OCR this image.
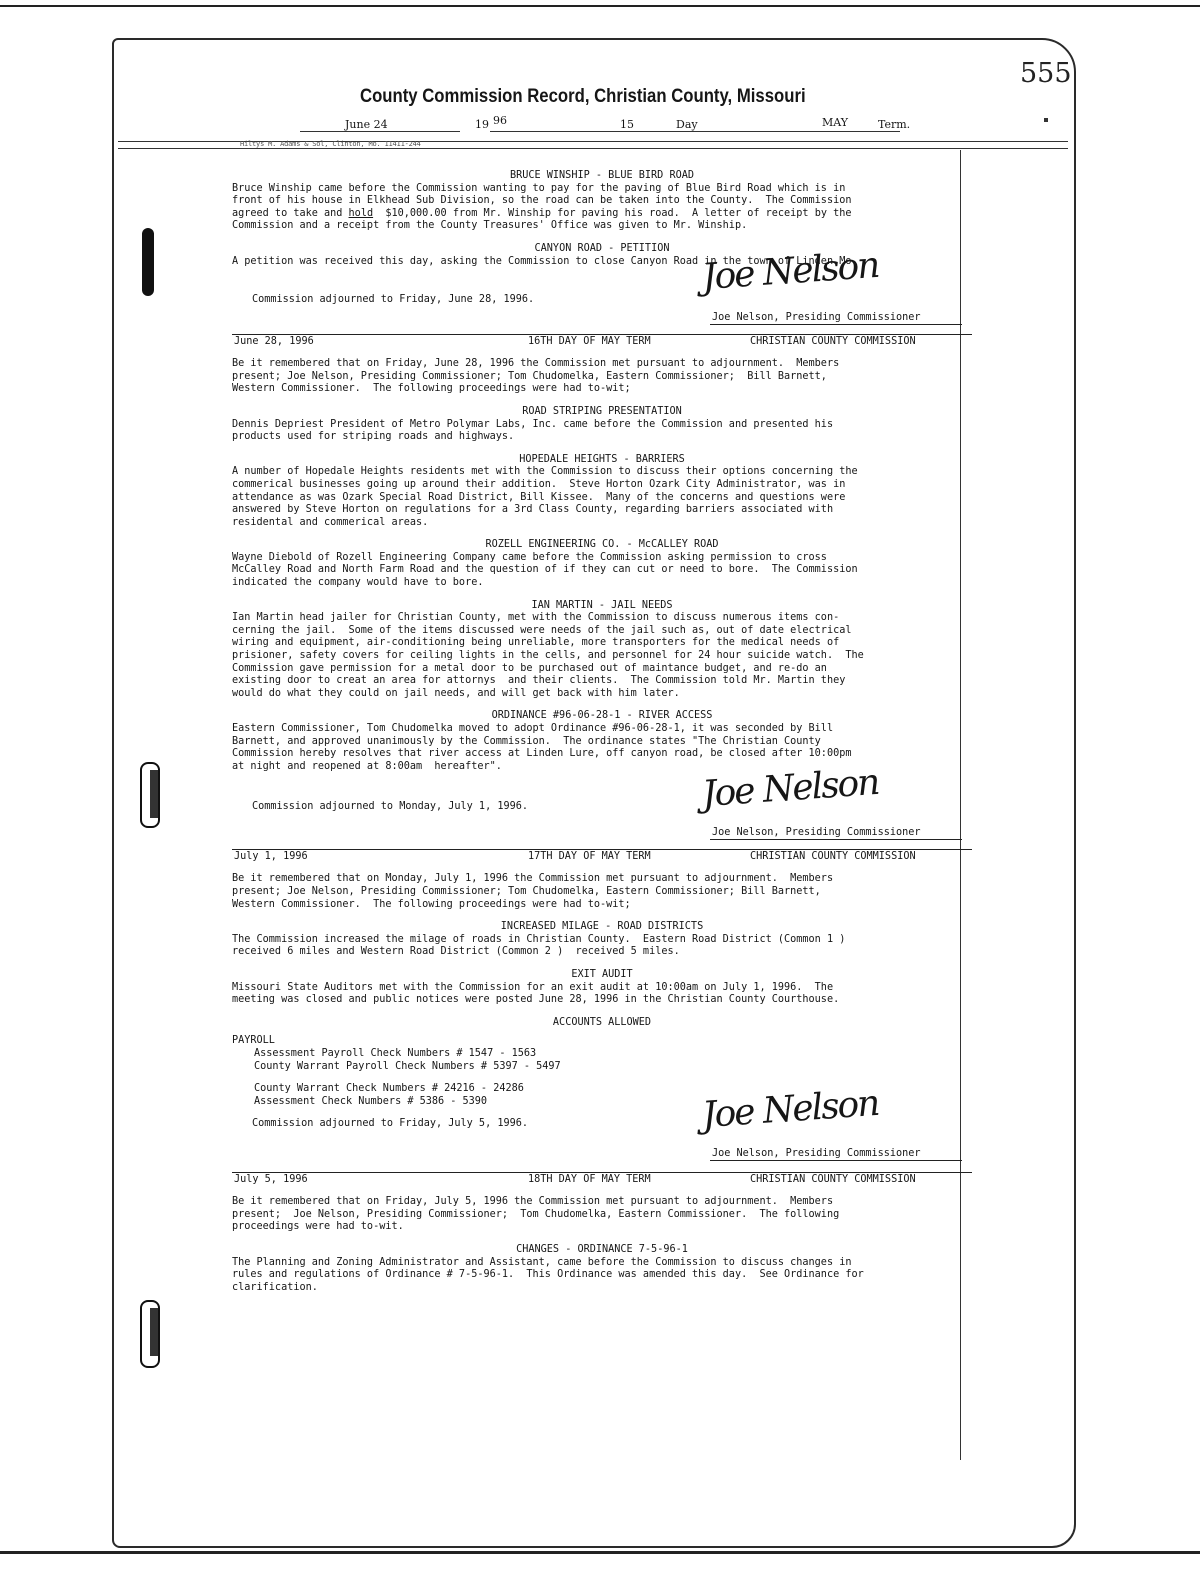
555
County Commission Record, Christian County, Missouri
June 24	19 96	15	Day	MAY	Term.
Hiltys M. Adams & Sol, Clinton, Mo. 11411-244

BRUCE WINSHIP - BLUE BIRD ROAD

Bruce Winship came before the Commission wanting to pay for the paving of Blue Bird Road which is in
front of his house in Elkhead Sub Division, so the road can be taken into the County.  The Commission
agreed to take and hold  $10,000.00 from Mr. Winship for paving his road.  A letter of receipt by the
Commission and a receipt from the County Treasures' Office was given to Mr. Winship.

CANYON ROAD - PETITION

A petition was received this day, asking the Commission to close Canyon Road in the town of Linden,Mo

Commission adjourned to Friday, June 28, 1996.
Joe Nelson
Joe Nelson, Presiding Commissioner
June 28, 1996	16TH DAY OF MAY TERM	CHRISTIAN COUNTY COMMISSION

Be it remembered that on Friday, June 28, 1996 the Commission met pursuant to adjournment.  Members
present; Joe Nelson, Presiding Commissioner; Tom Chudomelka, Eastern Commissioner;  Bill Barnett,
Western Commissioner.  The following proceedings were had to-wit;

ROAD STRIPING PRESENTATION

Dennis Depriest President of Metro Polymar Labs, Inc. came before the Commission and presented his
products used for striping roads and highways.

HOPEDALE HEIGHTS - BARRIERS

A number of Hopedale Heights residents met with the Commission to discuss their options concerning the
commerical businesses going up around their addition.  Steve Horton Ozark City Administrator, was in
attendance as was Ozark Special Road District, Bill Kissee.  Many of the concerns and questions were
answered by Steve Horton on regulations for a 3rd Class County, regarding barriers associated with
residental and commerical areas.

ROZELL ENGINEERING CO. - McCALLEY ROAD

Wayne Diebold of Rozell Engineering Company came before the Commission asking permission to cross
McCalley Road and North Farm Road and the question of if they can cut or need to bore.  The Commission
indicated the company would have to bore.

IAN MARTIN - JAIL NEEDS

Ian Martin head jailer for Christian County, met with the Commission to discuss numerous items con-
cerning the jail.  Some of the items discussed were needs of the jail such as, out of date electrical
wiring and equipment, air-conditioning being unreliable, more transporters for the medical needs of
prisioner, safety covers for ceiling lights in the cells, and personnel for 24 hour suicide watch.  The
Commission gave permission for a metal door to be purchased out of maintance budget, and re-do an
existing door to creat an area for attornys  and their clients.  The Commission told Mr. Martin they
would do what they could on jail needs, and will get back with him later.

ORDINANCE #96-06-28-1 - RIVER ACCESS

Eastern Commissioner, Tom Chudomelka moved to adopt Ordinance #96-06-28-1, it was seconded by Bill
Barnett, and approved unanimously by the Commission.  The ordinance states "The Christian County
Commission hereby resolves that river access at Linden Lure, off canyon road, be closed after 10:00pm
at night and reopened at 8:00am  hereafter".

Commission adjourned to Monday, July 1, 1996.	Joe Nelson
Joe Nelson, Presiding Commissioner
July 1, 1996	17TH DAY OF MAY TERM	CHRISTIAN COUNTY COMMISSION

Be it remembered that on Monday, July 1, 1996 the Commission met pursuant to adjournment.  Members
present; Joe Nelson, Presiding Commissioner; Tom Chudomelka, Eastern Commissioner; Bill Barnett,
Western Commissioner.  The following proceedings were had to-wit;

INCREASED MILAGE - ROAD DISTRICTS

The Commission increased the milage of roads in Christian County.  Eastern Road District (Common 1 )
received 6 miles and Western Road District (Common 2 )  received 5 miles.

EXIT AUDIT

Missouri State Auditors met with the Commission for an exit audit at 10:00am on July 1, 1996.  The
meeting was closed and public notices were posted June 28, 1996 in the Christian County Courthouse.

ACCOUNTS ALLOWED

PAYROLL

Assessment Payroll Check Numbers # 1547 - 1563

County Warrant Payroll Check Numbers # 5397 - 5497

County Warrant Check Numbers # 24216 - 24286

Assessment Check Numbers # 5386 - 5390

Commission adjourned to Friday, July 5, 1996.	Joe Nelson
Joe Nelson, Presiding Commissioner
July 5, 1996	18TH DAY OF MAY TERM	CHRISTIAN COUNTY COMMISSION

Be it remembered that on Friday, July 5, 1996 the Commission met pursuant to adjournment.  Members
present;  Joe Nelson, Presiding Commissioner;  Tom Chudomelka, Eastern Commissioner.  The following
proceedings were had to-wit.

CHANGES - ORDINANCE 7-5-96-1

The Planning and Zoning Administrator and Assistant, came before the Commission to discuss changes in
rules and regulations of Ordinance # 7-5-96-1.  This Ordinance was amended this day.  See Ordinance for
clarification.
